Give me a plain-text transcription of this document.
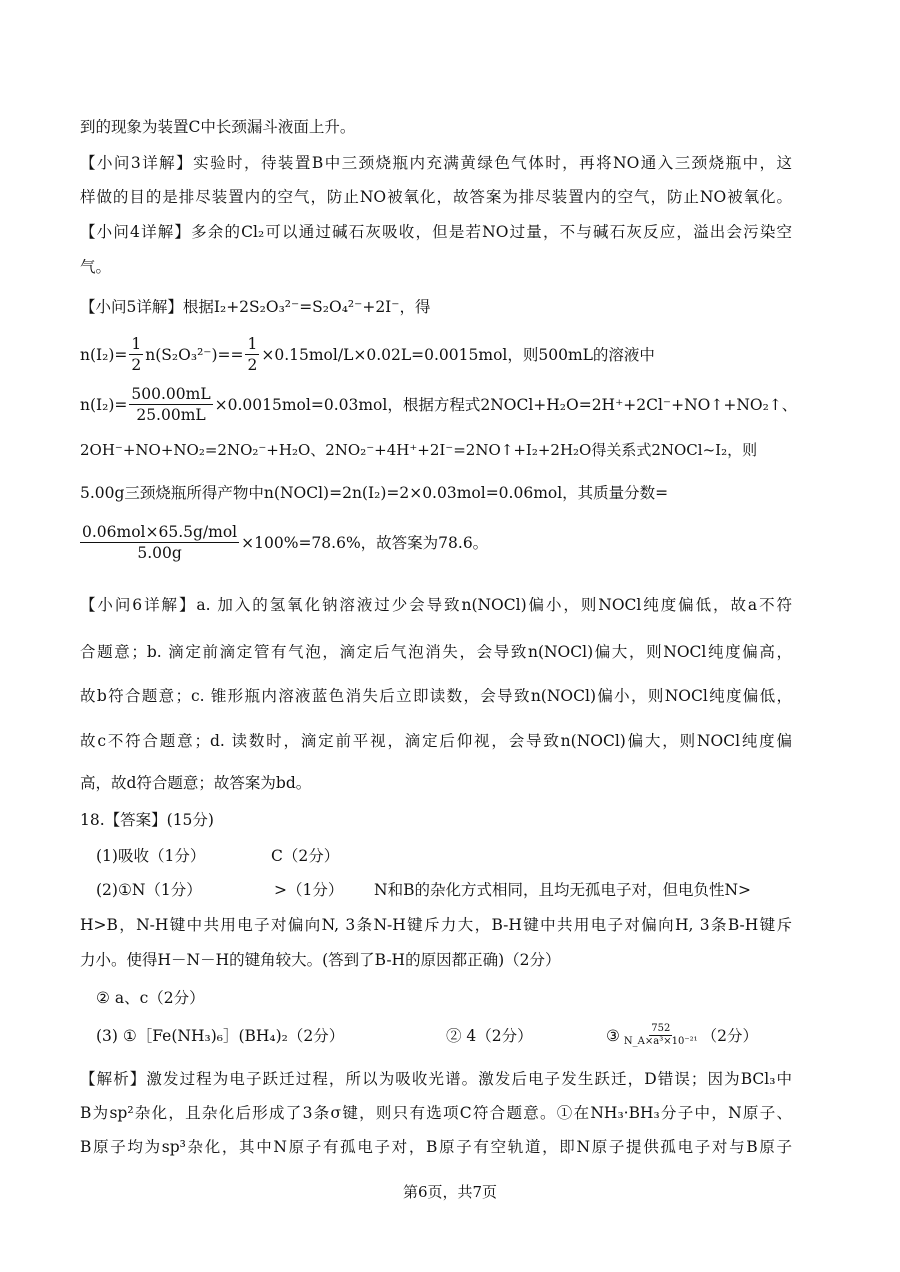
到的现象为装置C中长颈漏斗液面上升。
【小问3详解】实验时，待装置B中三颈烧瓶内充满黄绿色气体时，再将NO通入三颈烧瓶中，这
样做的目的是排尽装置内的空气，防止NO被氧化，故答案为排尽装置内的空气，防止NO被氧化。
【小问4详解】多余的Cl₂可以通过碱石灰吸收，但是若NO过量，不与碱石灰反应，溢出会污染空
气。
【小问5详解】根据I₂+2S₂O₃²⁻=S₂O₄²⁻+2I⁻，得
$n(I_2)= \frac{1}{2} n(S_2O_3^{2-})== \frac{1}{2} \times 0.15mol/L\times 0.02L=0.0015mol$，则500mL的溶液中
$n(I_2)= \frac{500.00mL}{25.00mL} \times 0.0015mol=0.03mol$，根据方程式2NOCl+H₂O=2H⁺+2Cl⁻+NO↑+NO₂↑、
2OH⁻+NO+NO₂=2NO₂⁻+H₂O、2NO₂⁻+4H⁺+2I⁻=2NO↑+I₂+2H₂O得关系式2NOCl~I₂，则
5.00g三颈烧瓶所得产物中n(NOCl)=2n(I₂)=2×0.03mol=0.06mol，其质量分数=
$\frac{\text{0.06mol×65.5g/mol}}{5.00g} \times 100\%=78.6\%$，故答案为78.6。
【小问6详解】a. 加入的氢氧化钠溶液过少会导致n(NOCl)偏小，则NOCl纯度偏低，故a不符
合题意；b. 滴定前滴定管有气泡，滴定后气泡消失，会导致n(NOCl)偏大，则NOCl纯度偏高，
故b符合题意；c. 锥形瓶内溶液蓝色消失后立即读数，会导致n(NOCl)偏小，则NOCl纯度偏低，
故c不符合题意；d. 读数时，滴定前平视，滴定后仰视，会导致n(NOCl)偏大，则NOCl纯度偏
高，故d符合题意；故答案为bd。
18.【答案】(15分)
(1)吸收（1分）	C（2分）
(2)①N（1分）	>（1分） N和B的杂化方式相同，且均无孤电子对，但电负性N>
H>B，N-H键中共用电子对偏向N, 3条N-H键斥力大，B-H键中共用电子对偏向H, 3条B-H键斥
力小。使得H－N－H的键角较大。(答到了B-H的原因都正确)（2分）
② a、c（2分）
(3) ①［Fe(NH₃)₆］(BH₄)₂（2分）	② 4（2分）	③ $\frac{752}{\text{N\_A×a³×10⁻²¹}} (2$分）
【解析】激发过程为电子跃迁过程，所以为吸收光谱。激发后电子发生跃迁，D错误；因为BCl₃中
B为sp²杂化，且杂化后形成了3条σ键，则只有选项C符合题意。①在NH₃·BH₃分子中，N原子、
B原子均为sp³杂化，其中N原子有孤电子对，B原子有空轨道，即N原子提供孤电子对与B原子
第6页，共7页
